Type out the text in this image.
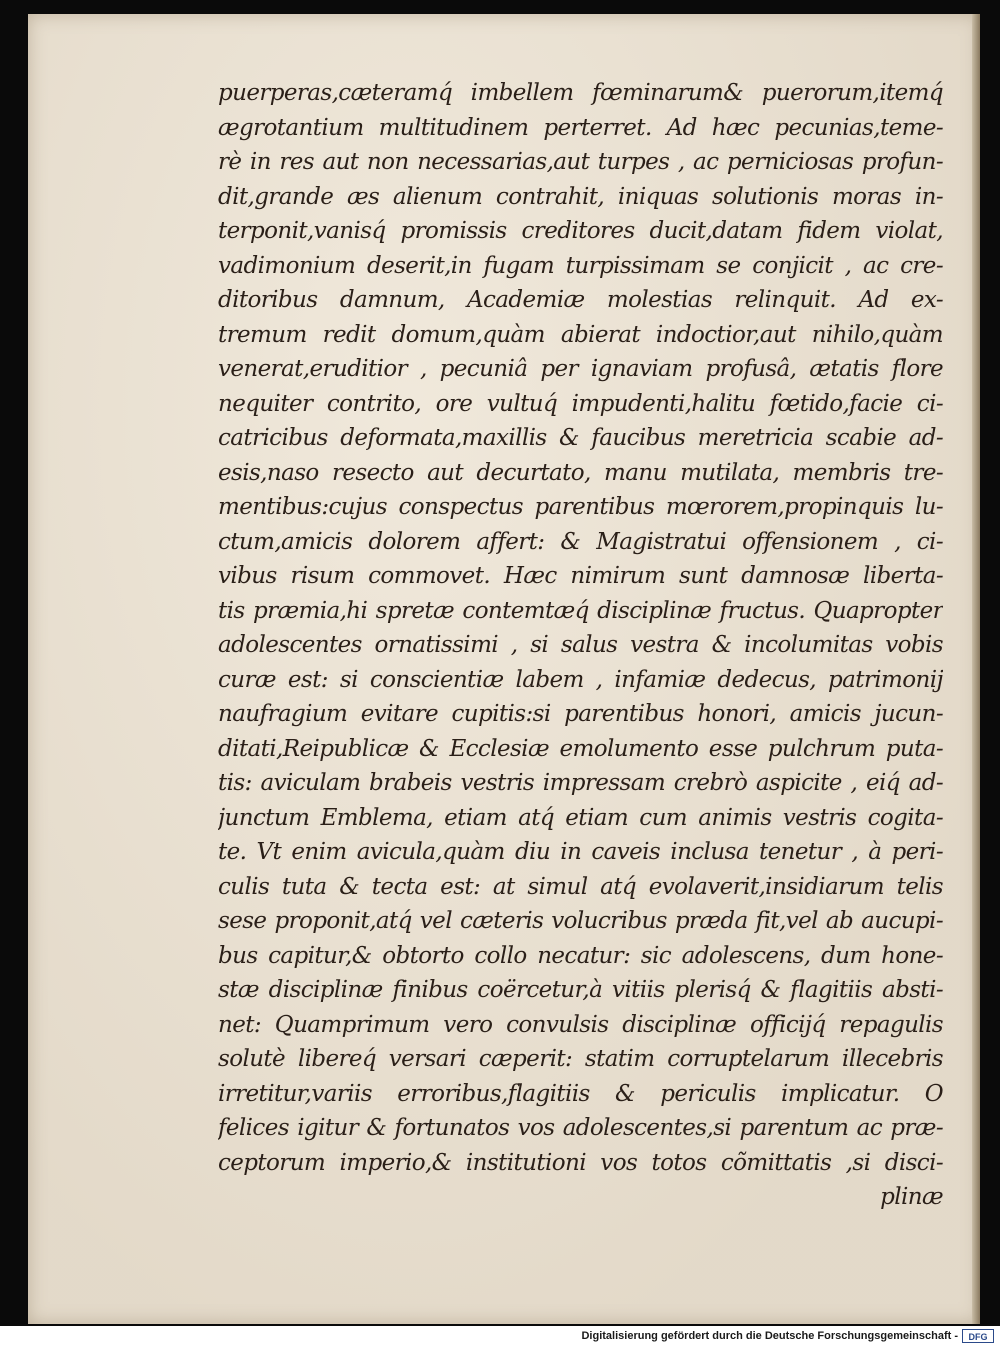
puerperas,cæteramq́ imbellem fœminarum& puerorum,itemq́
ægrotantium multitudinem perterret. Ad hæc pecunias,teme-
rè in res aut non necessarias,aut turpes , ac perniciosas profun-
dit,grande æs alienum contrahit, iniquas solutionis moras in-
terponit,vanisq́ promissis creditores ducit,datam fidem violat,
vadimonium deserit,in fugam turpissimam se conjicit , ac cre-
ditoribus damnum, Academiæ molestias relinquit. Ad ex-
tremum redit domum,quàm abierat indoctior,aut nihilo,quàm
venerat,eruditior , pecuniâ per ignaviam profusâ, ætatis flore
nequiter contrito, ore vultuq́ impudenti,halitu fœtido,facie ci-
catricibus deformata,maxillis & faucibus meretricia scabie ad-
esis,naso resecto aut decurtato, manu mutilata, membris tre-
mentibus:cujus conspectus parentibus mœrorem,propinquis lu-
ctum,amicis dolorem affert: & Magistratui offensionem , ci-
vibus risum commovet. Hæc nimirum sunt damnosæ liberta-
tis præmia,hi spretæ contemtæq́ disciplinæ fructus. Quapropter
adolescentes ornatissimi , si salus vestra & incolumitas vobis
curæ est: si conscientiæ labem , infamiæ dedecus, patrimonij
naufragium evitare cupitis:si parentibus honori, amicis jucun-
ditati,Reipublicæ & Ecclesiæ emolumento esse pulchrum puta-
tis: aviculam brabeis vestris impressam crebrò aspicite , eiq́ ad-
junctum Emblema, etiam atq́ etiam cum animis vestris cogita-
te. Vt enim avicula,quàm diu in caveis inclusa tenetur , à peri-
culis tuta & tecta est: at simul atq́ evolaverit,insidiarum telis
sese proponit,atq́ vel cæteris volucribus præda fit,vel ab aucupi-
bus capitur,& obtorto collo necatur: sic adolescens, dum hone-
stæ disciplinæ finibus coërcetur,à vitiis plerisq́ & flagitiis absti-
net: Quamprimum vero convulsis disciplinæ officijq́ repagulis
solutè libereq́ versari cæperit: statim corruptelarum illecebris
irretitur,variis erroribus,flagitiis & periculis implicatur. O
felices igitur & fortunatos vos adolescentes,si parentum ac præ-
ceptorum imperio,& institutioni vos totos cõmittatis ,si disci-
plinæ
Digitalisierung gefördert durch die Deutsche Forschungsgemeinschaft -	DFG
